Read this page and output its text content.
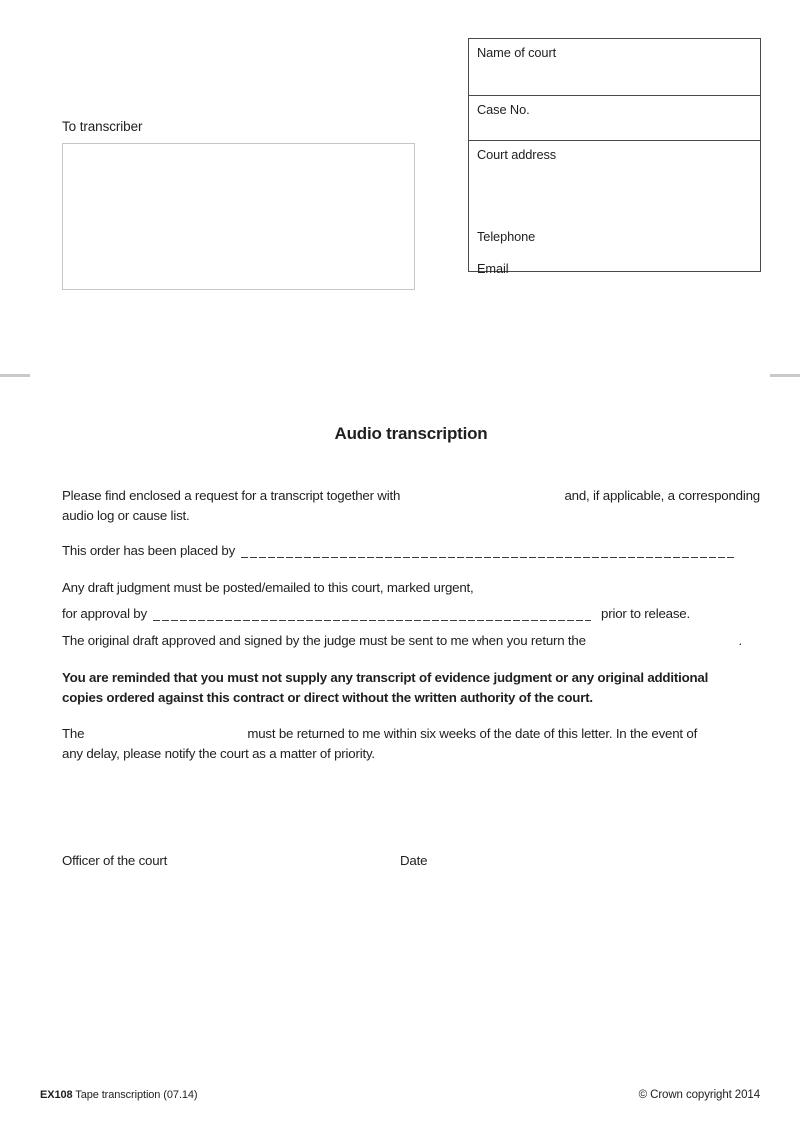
To transcriber
Name of court
Case No.
Court address
Telephone
Email
Audio transcription
Please find enclosed a request for a transcript together with	and, if applicable, a corresponding
audio log or cause list.
This order has been placed by
Any draft judgment must be posted/emailed to this court, marked urgent,
for approval by	prior to release.
The original draft approved and signed by the judge must be sent to me when you return the	.
You are reminded that you must not supply any transcript of evidence judgment or any original additional
copies ordered against this contract or direct without the written authority of the court.
The	must be returned to me within six weeks of the date of this letter. In the event of
any delay, please notify the court as a matter of priority.
Officer of the court	Date
EX108 Tape transcription (07.14)	© Crown copyright 2014
